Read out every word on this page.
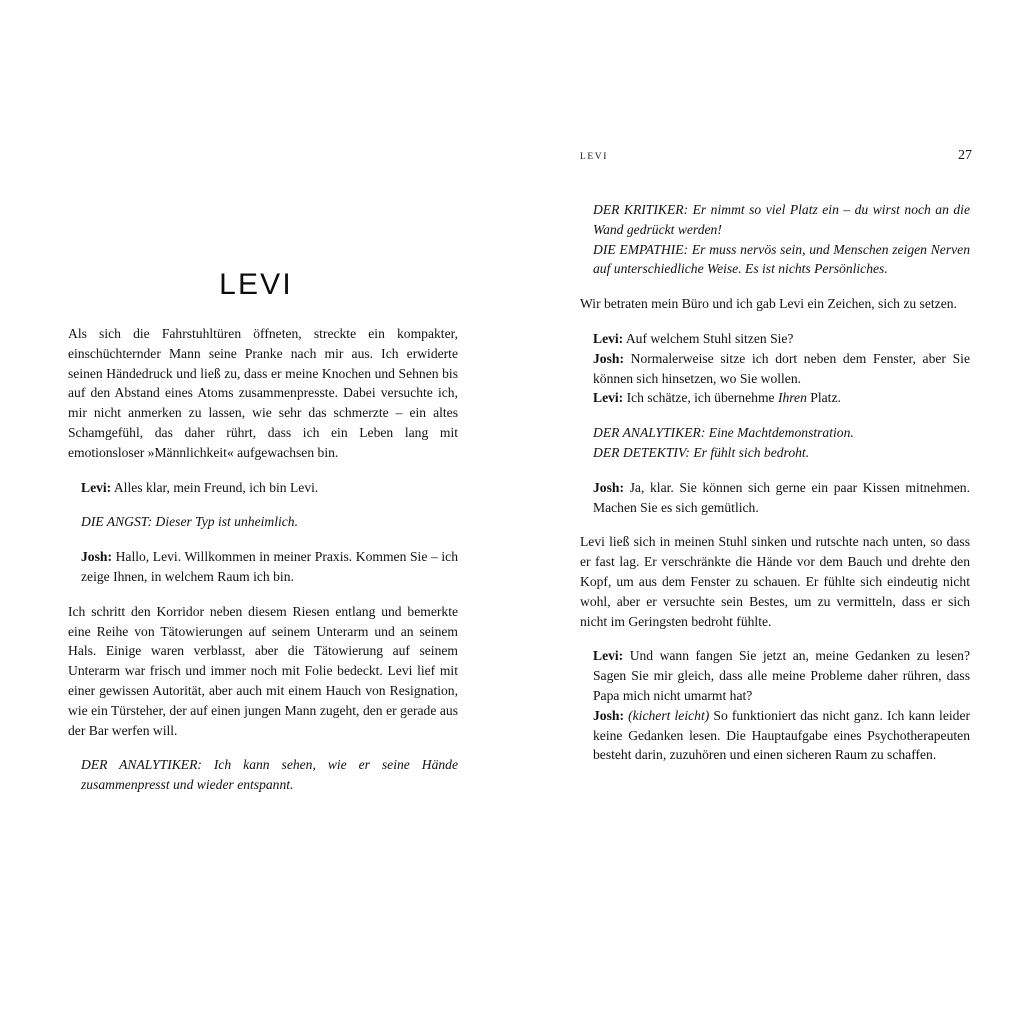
LEVI

Als sich die Fahrstuhltüren öffneten, streckte ein kompakter, einschüchternder Mann seine Pranke nach mir aus. Ich erwiderte seinen Händedruck und ließ zu, dass er meine Knochen und Sehnen bis auf den Abstand eines Atoms zusammenpresste. Dabei versuchte ich, mir nicht anmerken zu lassen, wie sehr das schmerzte – ein altes Schamgefühl, das daher rührt, dass ich ein Leben lang mit emotionsloser »Männlichkeit« aufgewachsen bin.

Levi: Alles klar, mein Freund, ich bin Levi.

DIE ANGST: Dieser Typ ist unheimlich.

Josh: Hallo, Levi. Willkommen in meiner Praxis. Kommen Sie – ich zeige Ihnen, in welchem Raum ich bin.

Ich schritt den Korridor neben diesem Riesen entlang und bemerkte eine Reihe von Tätowierungen auf seinem Unterarm und an seinem Hals. Einige waren verblasst, aber die Tätowierung auf seinem Unterarm war frisch und immer noch mit Folie bedeckt. Levi lief mit einer gewissen Autorität, aber auch mit einem Hauch von Resignation, wie ein Türsteher, der auf einen jungen Mann zugeht, den er gerade aus der Bar werfen will.

DER ANALYTIKER: Ich kann sehen, wie er seine Hände zusammenpresst und wieder entspannt.

LEVI	27

DER KRITIKER: Er nimmt so viel Platz ein – du wirst noch an die Wand gedrückt werden!

DIE EMPATHIE: Er muss nervös sein, und Menschen zeigen Nerven auf unterschiedliche Weise. Es ist nichts Persönliches.

Wir betraten mein Büro und ich gab Levi ein Zeichen, sich zu setzen.

Levi: Auf welchem Stuhl sitzen Sie?

Josh: Normalerweise sitze ich dort neben dem Fenster, aber Sie können sich hinsetzen, wo Sie wollen.

Levi: Ich schätze, ich übernehme Ihren Platz.

DER ANALYTIKER: Eine Machtdemonstration.

DER DETEKTIV: Er fühlt sich bedroht.

Josh: Ja, klar. Sie können sich gerne ein paar Kissen mitnehmen. Machen Sie es sich gemütlich.

Levi ließ sich in meinen Stuhl sinken und rutschte nach unten, so dass er fast lag. Er verschränkte die Hände vor dem Bauch und drehte den Kopf, um aus dem Fenster zu schauen. Er fühlte sich eindeutig nicht wohl, aber er versuchte sein Bestes, um zu vermitteln, dass er sich nicht im Geringsten bedroht fühlte.

Levi: Und wann fangen Sie jetzt an, meine Gedanken zu lesen? Sagen Sie mir gleich, dass alle meine Probleme daher rühren, dass Papa mich nicht umarmt hat?

Josh: (kichert leicht) So funktioniert das nicht ganz. Ich kann leider keine Gedanken lesen. Die Hauptaufgabe eines Psychotherapeuten besteht darin, zuzuhören und einen sicheren Raum zu schaffen.
